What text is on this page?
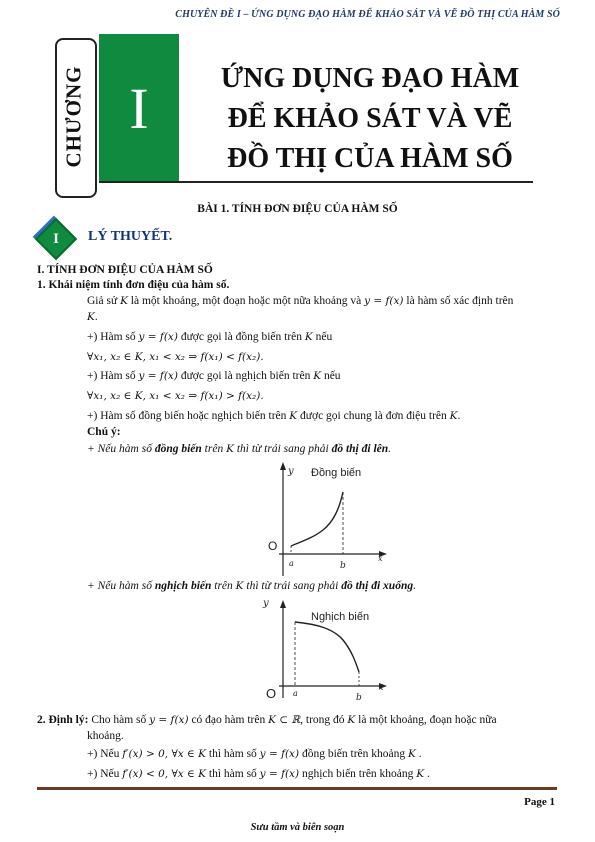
CHUYÊN ĐỀ I – ỨNG DỤNG ĐẠO HÀM ĐỂ KHẢO SÁT VÀ VẼ ĐỒ THỊ CỦA HÀM SỐ
CHƯƠNG I	ỨNG DỤNG ĐẠO HÀM
ĐỂ KHẢO SÁT VÀ VẼ
ĐỒ THỊ CỦA HÀM SỐ
BÀI 1. TÍNH ĐƠN ĐIỆU CỦA HÀM SỐ
I	LÝ THUYẾT.
I. TÍNH ĐƠN ĐIỆU CỦA HÀM SỐ
1. Khái niệm tính đơn điệu của hàm số.
Giả sử K là một khoảng, một đoạn hoặc một nữa khoảng và y = f(x) là hàm số xác định trên
K.
+) Hàm số y = f(x) được gọi là đồng biến trên K nếu
∀x₁, x₂ ∈ K, x₁ < x₂ ⇒ f(x₁) < f(x₂).
+) Hàm số y = f(x) được gọi là nghịch biến trên K nếu
∀x₁, x₂ ∈ K, x₁ < x₂ ⇒ f(x₁) > f(x₂).
+) Hàm số đồng biến hoặc nghịch biến trên K được gọi chung là đơn điệu trên K.
Chú ý:
+ Nếu hàm số đồng biến trên K thì từ trái sang phải đồ thị đi lên.
y
x
O
a	b
Đồng biến
+ Nếu hàm số nghịch biến trên K thì từ trái sang phải đồ thị đi xuống.
y
x
O a	b
Nghịch biến
2. Định lý: Cho hàm số y = f(x) có đạo hàm trên K ⊂ ℝ, trong đó K là một khoảng, đoạn hoặc nữa
khoảng.
+) Nếu f′(x) > 0, ∀x ∈ K thì hàm số y = f(x) đồng biến trên khoảng K .
+) Nếu f′(x) < 0, ∀x ∈ K thì hàm số y = f(x) nghịch biến trên khoảng K .
Page 1
Sưu tầm và biên soạn
